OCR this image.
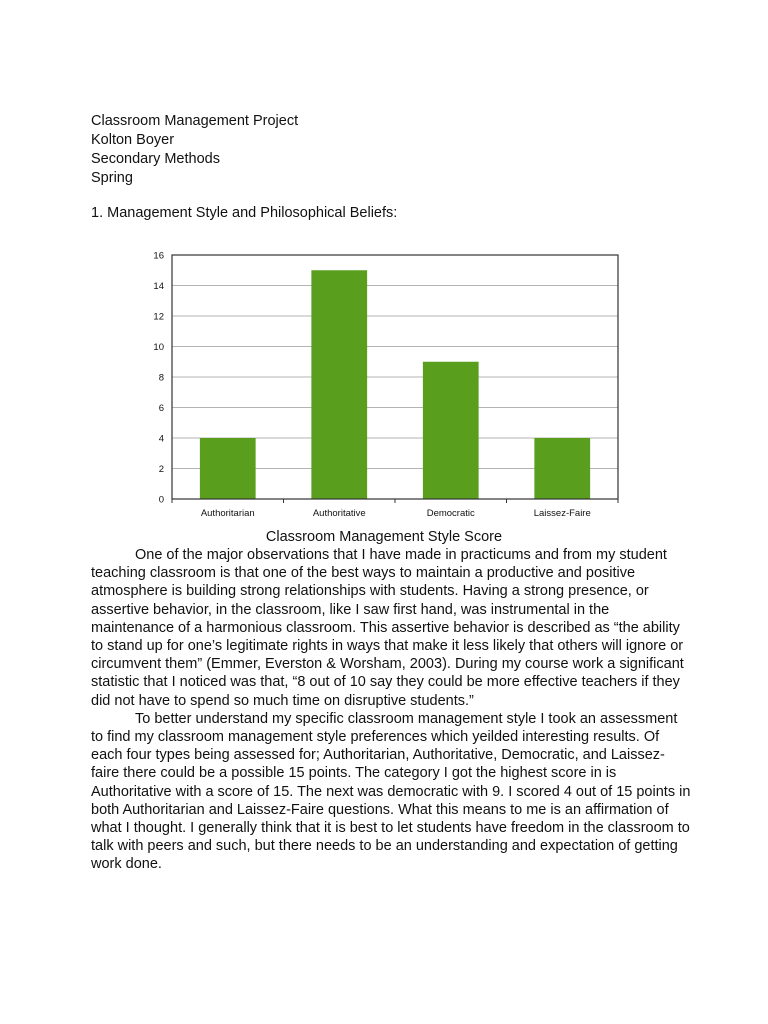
Classroom Management Project
Kolton Boyer
Secondary Methods
Spring
1. Management Style and Philosophical Beliefs:
0
2
4
6
8
10
12
14
16
Authoritarian	Authoritative	Democratic	Laissez-Faire
Classroom Management Style Score

One of the major observations that I have made in practicums and from my student teaching classroom is that one of the best ways to maintain a productive and positive atmosphere is building strong relationships with students. Having a strong presence, or assertive behavior, in the classroom, like I saw first hand, was instrumental in the maintenance of a harmonious classroom. This assertive behavior is described as “the ability to stand up for one’s legitimate rights in ways that make it less likely that others will ignore or circumvent them” (Emmer, Everston & Worsham, 2003). During my course work a significant statistic that I noticed was that, “8 out of 10 say they could be more effective teachers if they did not have to spend so much time on disruptive students.”

To better understand my specific classroom management style I took an assessment to find my classroom management style preferences which yeilded interesting results. Of each four types being assessed for; Authoritarian, Authoritative, Democratic, and Laissez-faire there could be a possible 15 points. The category I got the highest score in is Authoritative with a score of 15. The next was democratic with 9. I scored 4 out of 15 points in both Authoritarian and Laissez-Faire questions. What this means to me is an affirmation of what I thought. I generally think that it is best to let students have freedom in the classroom to talk with peers and such, but there needs to be an understanding and expectation of getting work done.
